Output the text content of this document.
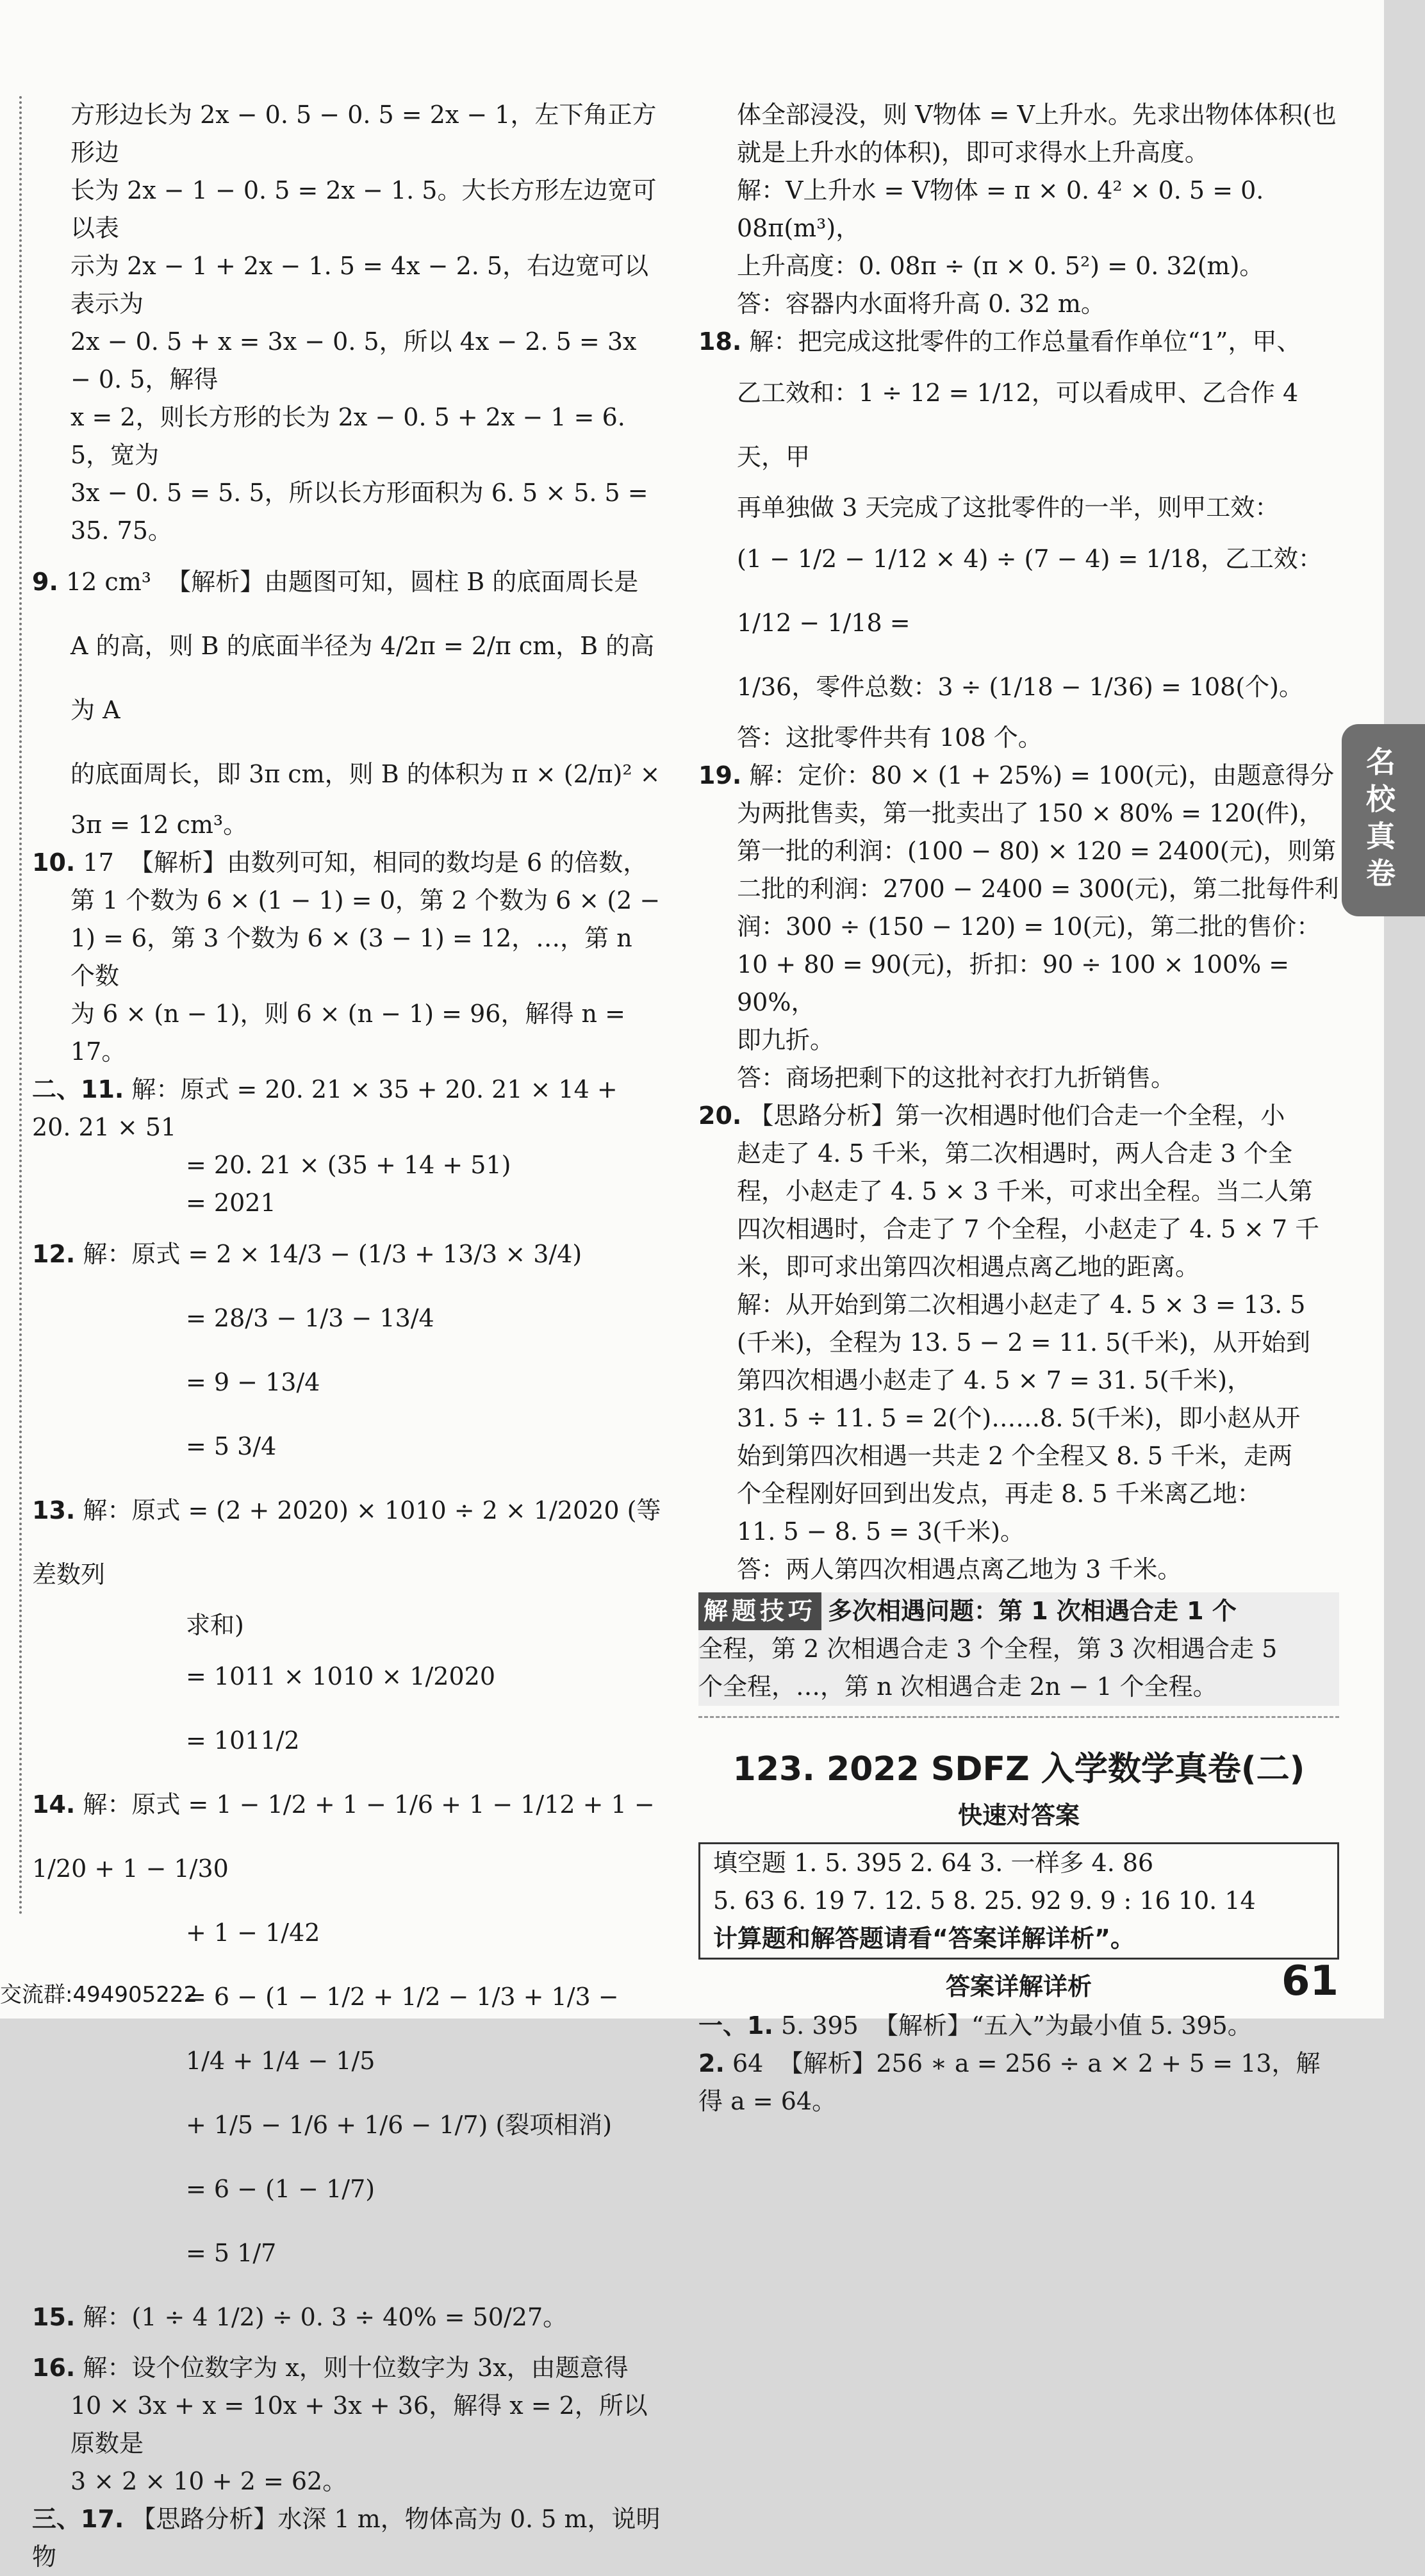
方形边长为 2x − 0. 5 − 0. 5 = 2x − 1，左下角正方形边
长为 2x − 1 − 0. 5 = 2x − 1. 5。大长方形左边宽可以表
示为 2x − 1 + 2x − 1. 5 = 4x − 2. 5，右边宽可以表示为
2x − 0. 5 + x = 3x − 0. 5，所以 4x − 2. 5 = 3x − 0. 5，解得
x = 2，则长方形的长为 2x − 0. 5 + 2x − 1 = 6. 5，宽为
3x − 0. 5 = 5. 5，所以长方形面积为 6. 5 × 5. 5 = 35. 75。
9. 12 cm³  【解析】由题图可知，圆柱 B 的底面周长是
A 的高，则 B 的底面半径为 4/2π = 2/π cm，B 的高为 A
的底面周长，即 3π cm，则 B 的体积为 π × (2/π)² ×
3π = 12 cm³。
10. 17  【解析】由数列可知，相同的数均是 6 的倍数，
第 1 个数为 6 × (1 − 1) = 0，第 2 个数为 6 × (2 −
1) = 6，第 3 个数为 6 × (3 − 1) = 12，…，第 n 个数
为 6 × (n − 1)，则 6 × (n − 1) = 96，解得 n = 17。
二、11. 解：原式 = 20. 21 × 35 + 20. 21 × 14 + 20. 21 × 51
= 20. 21 × (35 + 14 + 51)
= 2021
12. 解：原式 = 2 × 14/3 − (1/3 + 13/3 × 3/4)
= 28/3 − 1/3 − 13/4
= 9 − 13/4
= 5 3/4
13. 解：原式 = (2 + 2020) × 1010 ÷ 2 × 1/2020 (等差数列
求和)
= 1011 × 1010 × 1/2020
= 1011/2
14. 解：原式 = 1 − 1/2 + 1 − 1/6 + 1 − 1/12 + 1 − 1/20 + 1 − 1/30
+ 1 − 1/42
= 6 − (1 − 1/2 + 1/2 − 1/3 + 1/3 − 1/4 + 1/4 − 1/5
+ 1/5 − 1/6 + 1/6 − 1/7) (裂项相消)
= 6 − (1 − 1/7)
= 5 1/7
15. 解：(1 ÷ 4 1/2) ÷ 0. 3 ÷ 40% = 50/27。
16. 解：设个位数字为 x，则十位数字为 3x，由题意得
10 × 3x + x = 10x + 3x + 36，解得 x = 2，所以原数是
3 × 2 × 10 + 2 = 62。
三、17. 【思路分析】水深 1 m，物体高为 0. 5 m，说明物
体全部浸没，则 V物体 = V上升水。先求出物体体积(也
就是上升水的体积)，即可求得水上升高度。
解：V上升水 = V物体 = π × 0. 4² × 0. 5 = 0. 08π(m³)，
上升高度：0. 08π ÷ (π × 0. 5²) = 0. 32(m)。
答：容器内水面将升高 0. 32 m。
18. 解：把完成这批零件的工作总量看作单位“1”，甲、
乙工效和：1 ÷ 12 = 1/12，可以看成甲、乙合作 4 天，甲
再单独做 3 天完成了这批零件的一半，则甲工效：
(1 − 1/2 − 1/12 × 4) ÷ (7 − 4) = 1/18，乙工效：1/12 − 1/18 =
1/36，零件总数：3 ÷ (1/18 − 1/36) = 108(个)。
答：这批零件共有 108 个。
19. 解：定价：80 × (1 + 25%) = 100(元)，由题意得分
为两批售卖，第一批卖出了 150 × 80% = 120(件)，
第一批的利润：(100 − 80) × 120 = 2400(元)，则第
二批的利润：2700 − 2400 = 300(元)，第二批每件利
润：300 ÷ (150 − 120) = 10(元)，第二批的售价：
10 + 80 = 90(元)，折扣：90 ÷ 100 × 100% = 90%，
即九折。
答：商场把剩下的这批衬衣打九折销售。
20. 【思路分析】第一次相遇时他们合走一个全程，小
赵走了 4. 5 千米，第二次相遇时，两人合走 3 个全
程，小赵走了 4. 5 × 3 千米，可求出全程。当二人第
四次相遇时，合走了 7 个全程，小赵走了 4. 5 × 7 千
米，即可求出第四次相遇点离乙地的距离。
解：从开始到第二次相遇小赵走了 4. 5 × 3 = 13. 5
(千米)，全程为 13. 5 − 2 = 11. 5(千米)，从开始到
第四次相遇小赵走了 4. 5 × 7 = 31. 5(千米)，
31. 5 ÷ 11. 5 = 2(个)……8. 5(千米)，即小赵从开
始到第四次相遇一共走 2 个全程又 8. 5 千米，走两
个全程刚好回到出发点，再走 8. 5 千米离乙地：
11. 5 − 8. 5 = 3(千米)。
答：两人第四次相遇点离乙地为 3 千米。
解题技巧 多次相遇问题：第 1 次相遇合走 1 个
全程，第 2 次相遇合走 3 个全程，第 3 次相遇合走 5
个全程，…，第 n 次相遇合走 2n − 1 个全程。

123. 2022 SDFZ 入学数学真卷(二)

快速对答案

填空题 1. 5. 395 2. 64 3. 一样多 4. 86
5. 63 6. 19 7. 12. 5 8. 25. 92 9. 9 : 16 10. 14
计算题和解答题请看“答案详解详析”。

答案详解详析

一、1. 5. 395  【解析】“五入”为最小值 5. 395。
2. 64  【解析】256 ∗ a = 256 ÷ a × 2 + 5 = 13，解得 a = 64。
名校真卷
交流群:494905222	61
